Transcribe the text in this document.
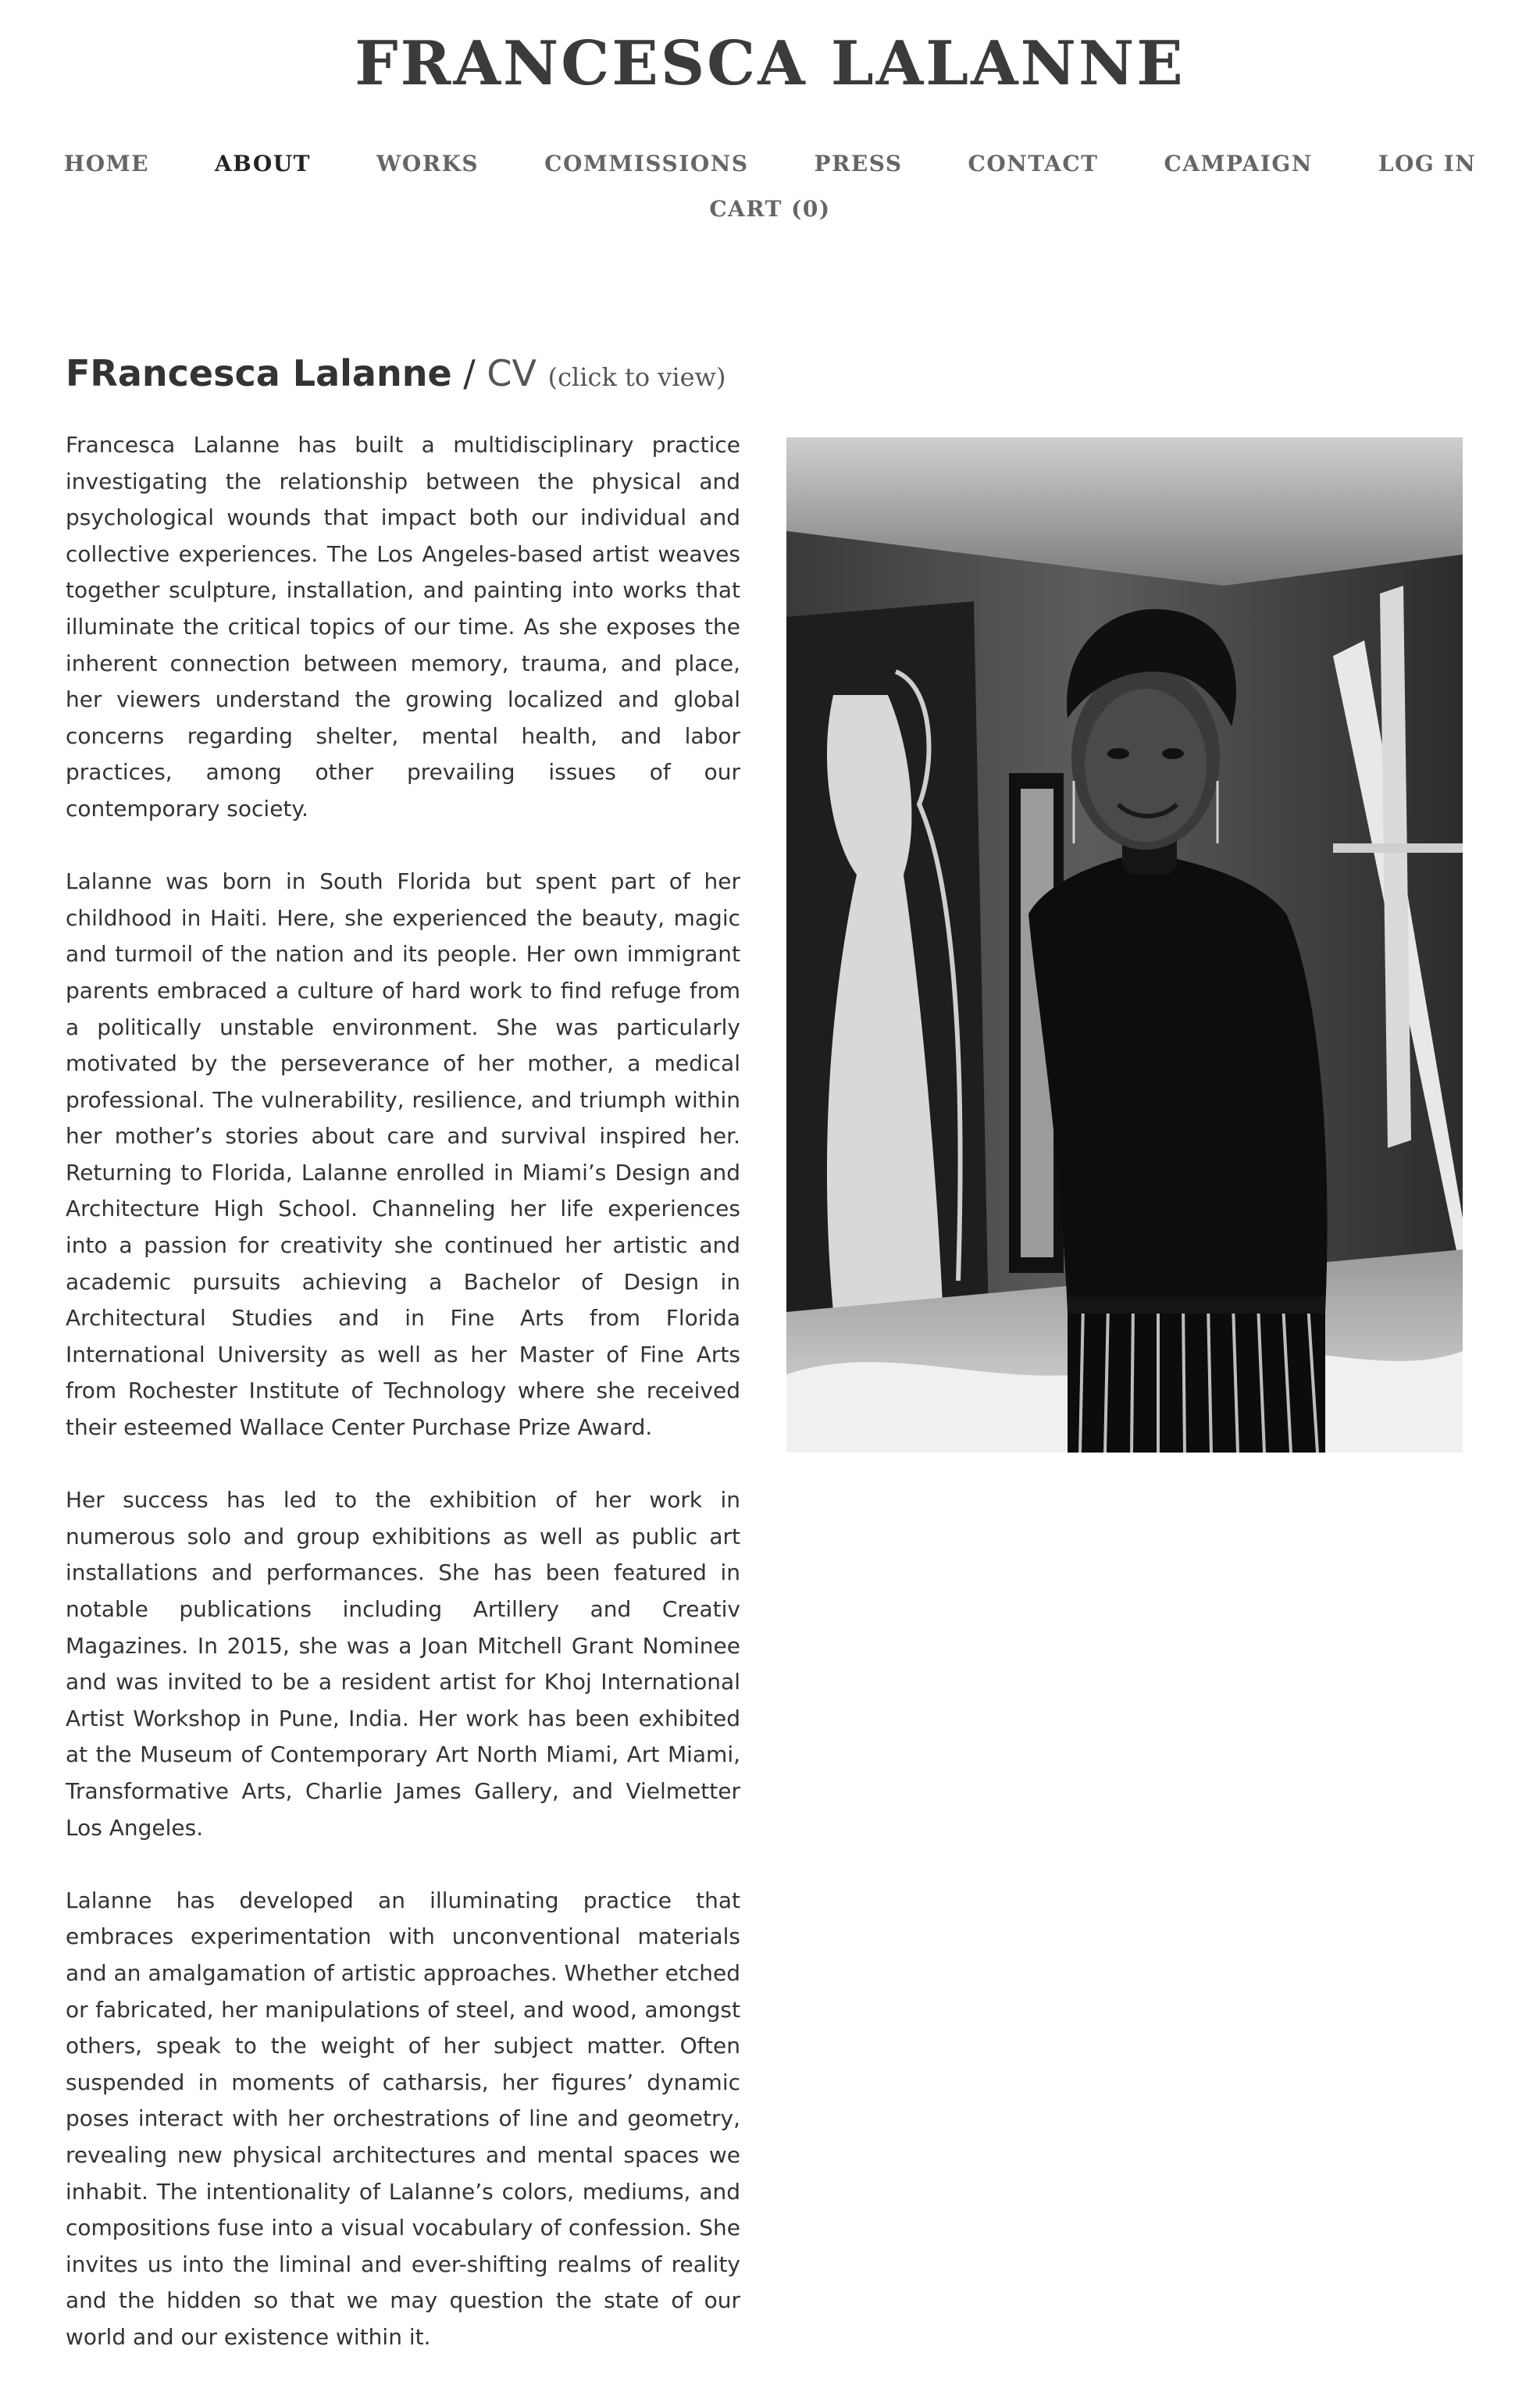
FRANCESCA LALANNE
HOME	ABOUT	WORKS	COMMISSIONS	PRESS	CONTACT	CAMPAIGN	LOG IN
CART (0)
FRancesca Lalanne / CV (click to view)

Francesca Lalanne has built a multidisciplinary practice investigating the relationship between the physical and psychological wounds that impact both our individual and collective experiences. The Los Angeles-based artist weaves together sculpture, installation, and painting into works that illuminate the critical topics of our time. As she exposes the inherent connection between memory, trauma, and place, her viewers understand the growing localized and global concerns regarding shelter, mental health, and labor practices, among other prevailing issues of our contemporary society.

Lalanne was born in South Florida but spent part of her childhood in Haiti. Here, she experienced the beauty, magic and turmoil of the nation and its people. Her own immigrant parents embraced a culture of hard work to find refuge from a politically unstable environment. She was particularly motivated by the perseverance of her mother, a medical professional. The vulnerability, resilience, and triumph within her mother’s stories about care and survival inspired her. Returning to Florida, Lalanne enrolled in Miami’s Design and Architecture High School. Channeling her life experiences into a passion for creativity she continued her artistic and academic pursuits achieving a Bachelor of Design in Architectural Studies and in Fine Arts from Florida International University as well as her Master of Fine Arts from Rochester Institute of Technology where she received their esteemed Wallace Center Purchase Prize Award.

Her success has led to the exhibition of her work in numerous solo and group exhibitions as well as public art installations and performances. She has been featured in notable publications including Artillery and Creativ Magazines. In 2015, she was a Joan Mitchell Grant Nominee and was invited to be a resident artist for Khoj International Artist Workshop in Pune, India. Her work has been exhibited at the Museum of Contemporary Art North Miami, Art Miami, Transformative Arts, Charlie James Gallery, and Vielmetter Los Angeles.

Lalanne has developed an illuminating practice that embraces experimentation with unconventional materials and an amalgamation of artistic approaches. Whether etched or fabricated, her manipulations of steel, and wood, amongst others, speak to the weight of her subject matter. Often suspended in moments of catharsis, her figures’ dynamic poses interact with her orchestrations of line and geometry, revealing new physical architectures and mental spaces we inhabit. The intentionality of Lalanne’s colors, mediums, and compositions fuse into a visual vocabulary of confession. She invites us into the liminal and ever-shifting realms of reality and the hidden so that we may question the state of our world and our existence within it.
